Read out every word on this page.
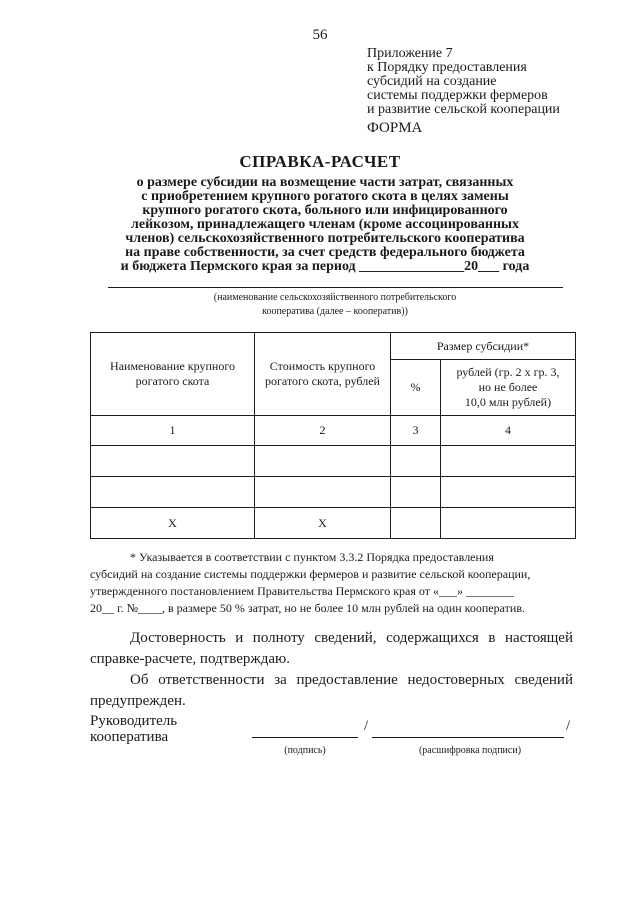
56
Приложение 7
к Порядку предоставления
субсидий на создание
системы поддержки фермеров
и развитие сельской кооперации
ФОРМА
СПРАВКА-РАСЧЕТ
о размере субсидии на возмещение части затрат, связанных
с приобретением крупного рогатого скота в целях замены
крупного рогатого скота, больного или инфицированного
лейкозом, принадлежащего членам (кроме ассоциированных
членов) сельскохозяйственного потребительского кооператива
на праве собственности, за счет средств федерального бюджета
и бюджета Пермского края за период _______________20___ года
(наименование сельскохозяйственного потребительского
кооператива (далее – кооператив))
Наименование крупного рогатого скота	Стоимость крупного рогатого скота, рублей	Размер субсидии*	
		%	рублей (гр. 2 х гр. 3,
но не более
10,0 млн рублей)

1	2	3	4

Х	Х		

* Указывается в соответствии с пунктом 3.3.2 Порядка предоставления

субсидий на создание системы поддержки фермеров и развитие сельской кооперации,

утвержденного постановлением Правительства Пермского края от «___» ________

20__ г. №____, в размере 50 % затрат, но не более 10 млн рублей на один кооператив.

Достоверность и полноту сведений, содержащихся в настоящей справке-расчете, подтверждаю.

Об ответственности за предоставление недостоверных сведений предупрежден.

Руководитель
кооператива
/	/
(подпись)	(расшифровка подписи)
